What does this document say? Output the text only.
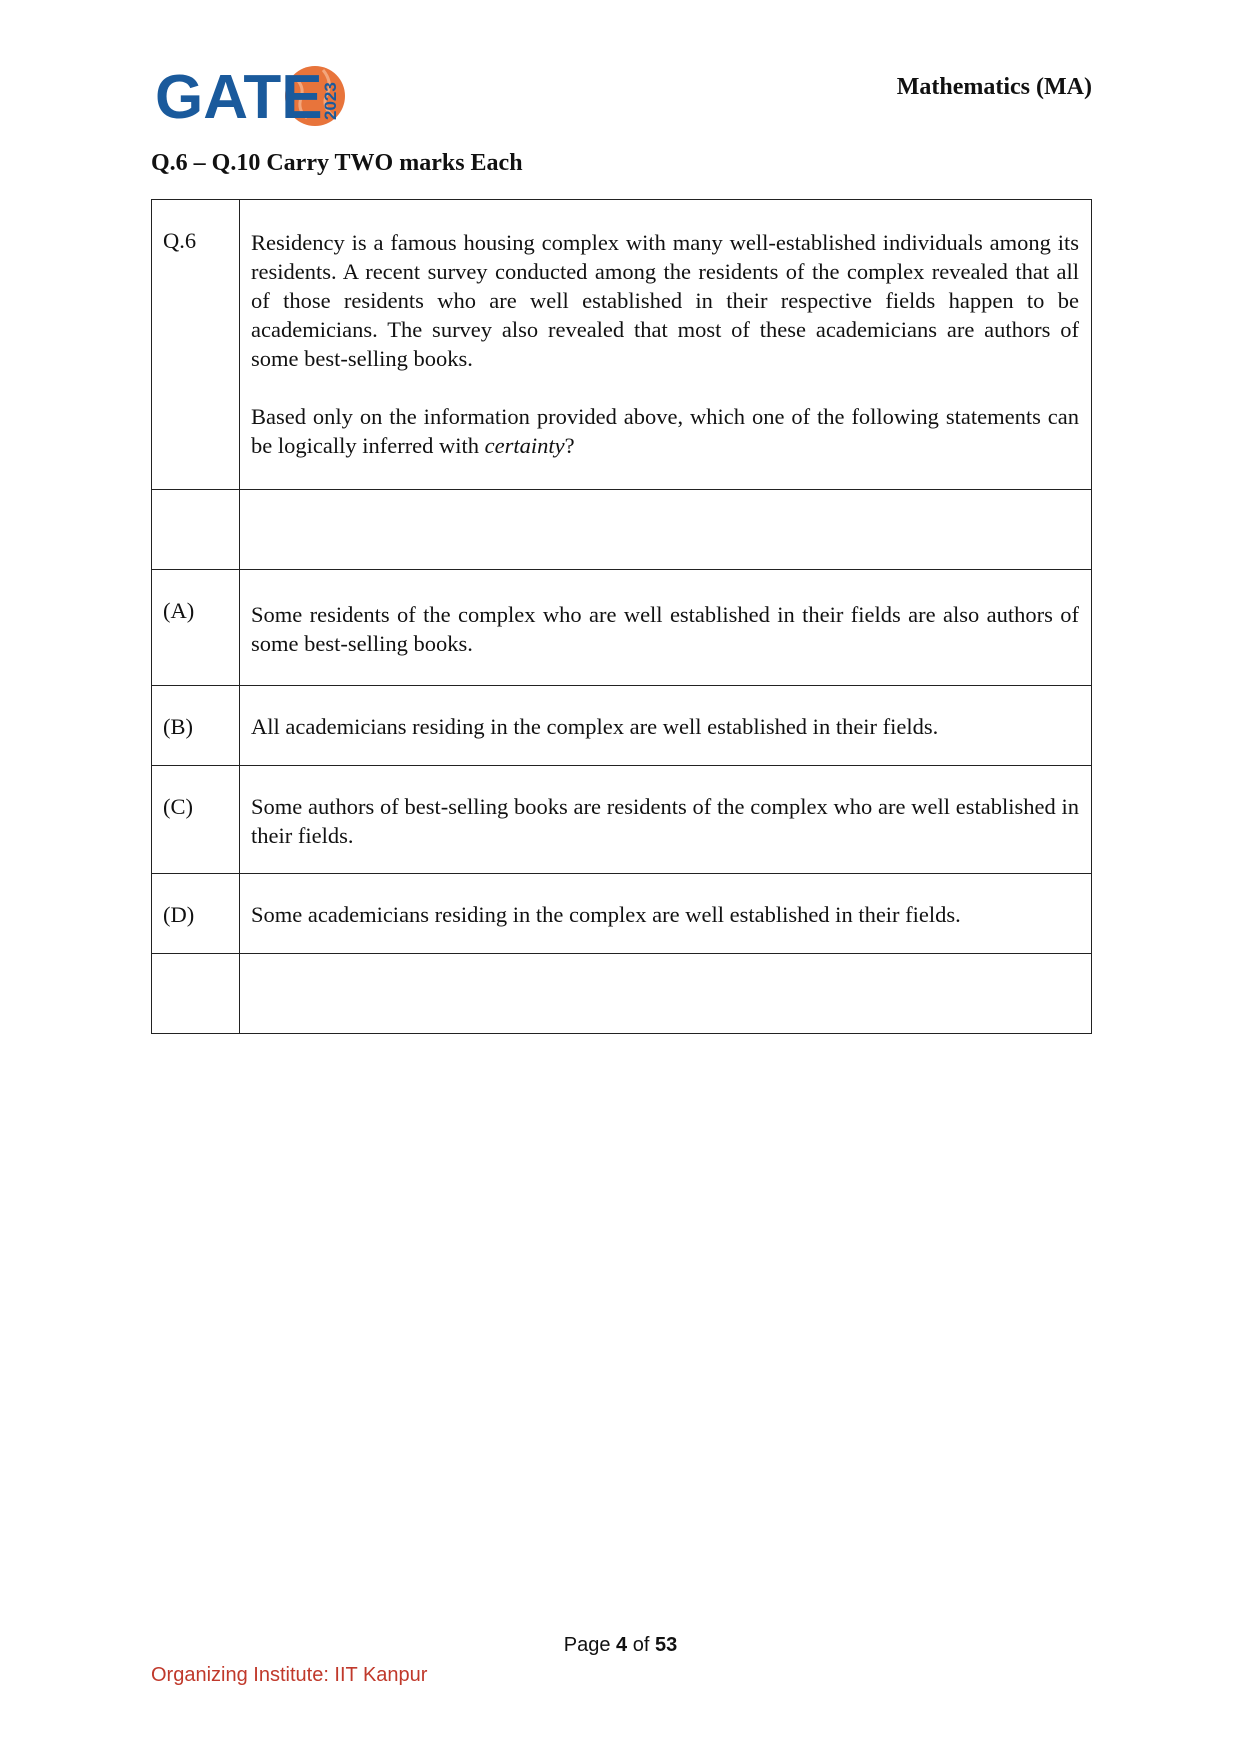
GATE
2023	Mathematics (MA)
Q.6 – Q.10 Carry TWO marks Each
Q.6	Residency is a famous housing complex with many well-established individuals among its residents. A recent survey conducted among the residents of the complex revealed that all of those residents who are well established in their respective fields happen to be academicians. The survey also revealed that most of these academicians are authors of some best-selling books.

Based only on the information provided above, which one of the following statements can be logically inferred with certainty?

(A)	Some residents of the complex who are well established in their fields are also authors of some best-selling books.
(B)	All academicians residing in the complex are well established in their fields.
(C)	Some authors of best-selling books are residents of the complex who are well established in their fields.
(D)	Some academicians residing in the complex are well established in their fields.

Page 4 of 53
Organizing Institute: IIT Kanpur
